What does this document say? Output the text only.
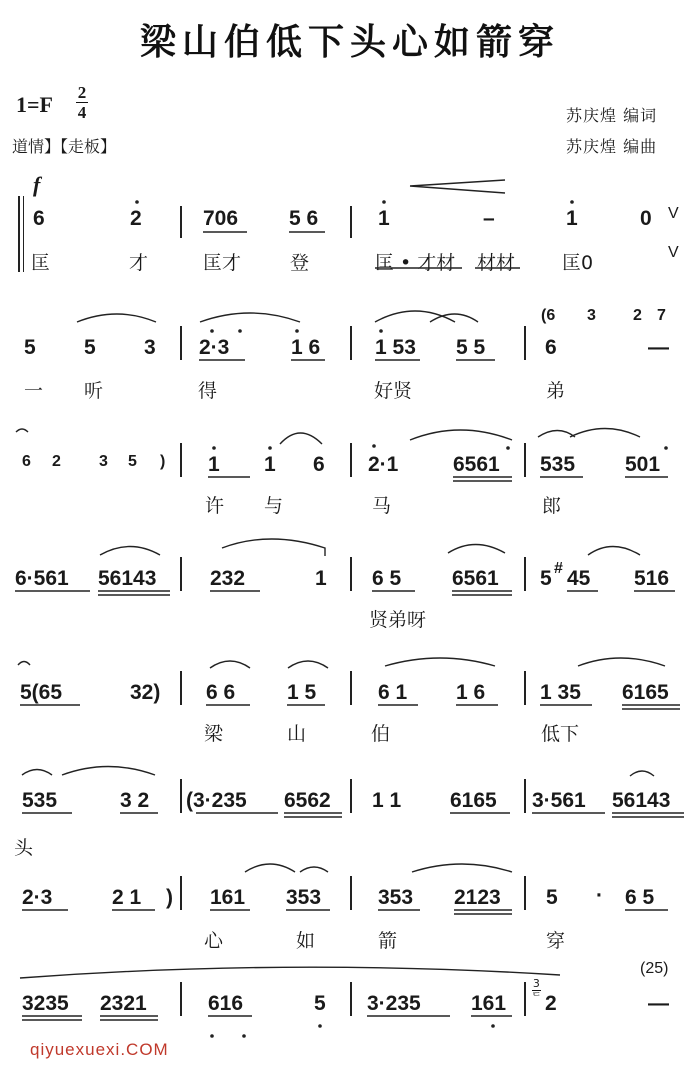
梁山伯低下头心如箭穿
1=F 2
4
道情】【走板】
苏庆煌 编词
苏庆煌 编曲
f
6	2	706 5 6	1	–	1	0 V
匡	才	匡才	登	匡 • 才材 材材 匡0	V
5 5 3 2·3	1 6	1 53 5 5
(6 3 2 7
6	—
一 听	得	好贤	弟
6 2 3 5 ) 1 1 6 2·1	6561 535 501
许 与	马	郎
6·561 56143	232	1 6 5 6561 5 # 45 516
贤弟呀
5(65	32) 6 6 1 5	6 1 1 6	1 35 6165
梁	山	伯	低下
535	3 2 (3·235 6562 1 1 6165 3·561 56143
头
2·3	2 1 ) 161 353	353 2123 5 · 6 5
心	如	箭	穿
3235 2321	616	5 3·235 161
3
ᄃ 2	—
(25)
qiyuexuexi.COM
